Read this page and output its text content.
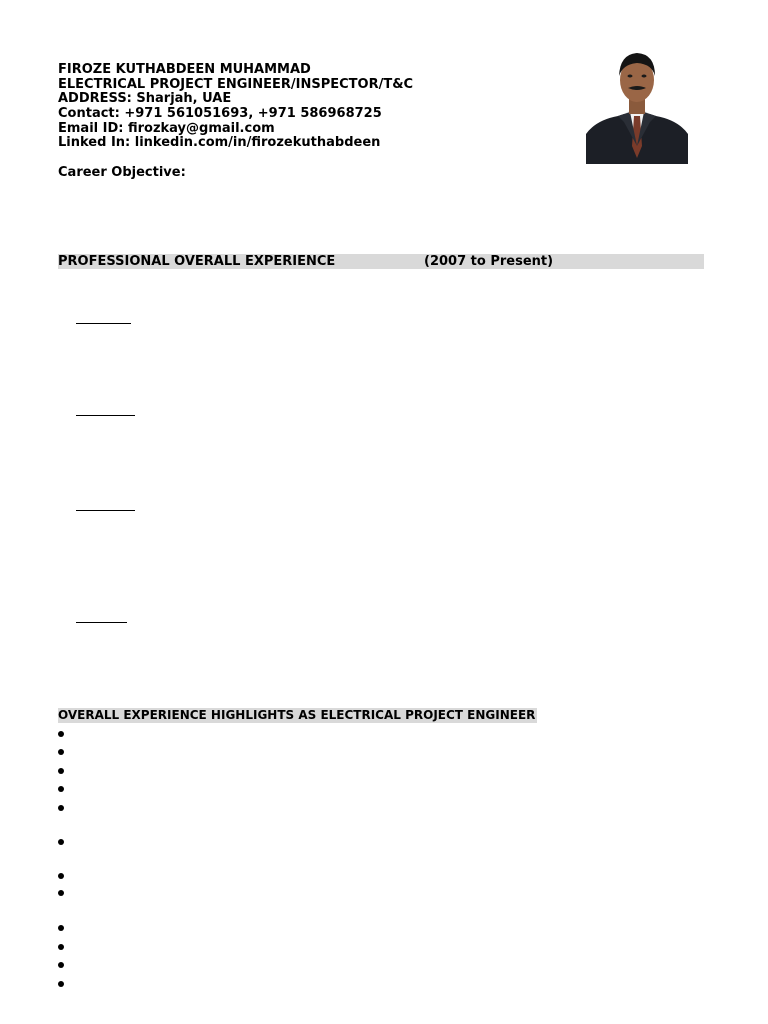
FIROZE KUTHABDEEN MUHAMMAD
ELECTRICAL PROJECT ENGINEER/INSPECTOR/T&C
ADDRESS: Sharjah, UAE
Contact: +971 561051693, +971 586968725
Email ID: firozkay@gmail.com
Linked In: linkedin.com/in/firozekuthabdeen
Career Objective:
PROFESSIONAL OVERALL EXPERIENCE	(2007 to Present)
OVERALL EXPERIENCE HIGHLIGHTS AS ELECTRICAL PROJECT ENGINEER
